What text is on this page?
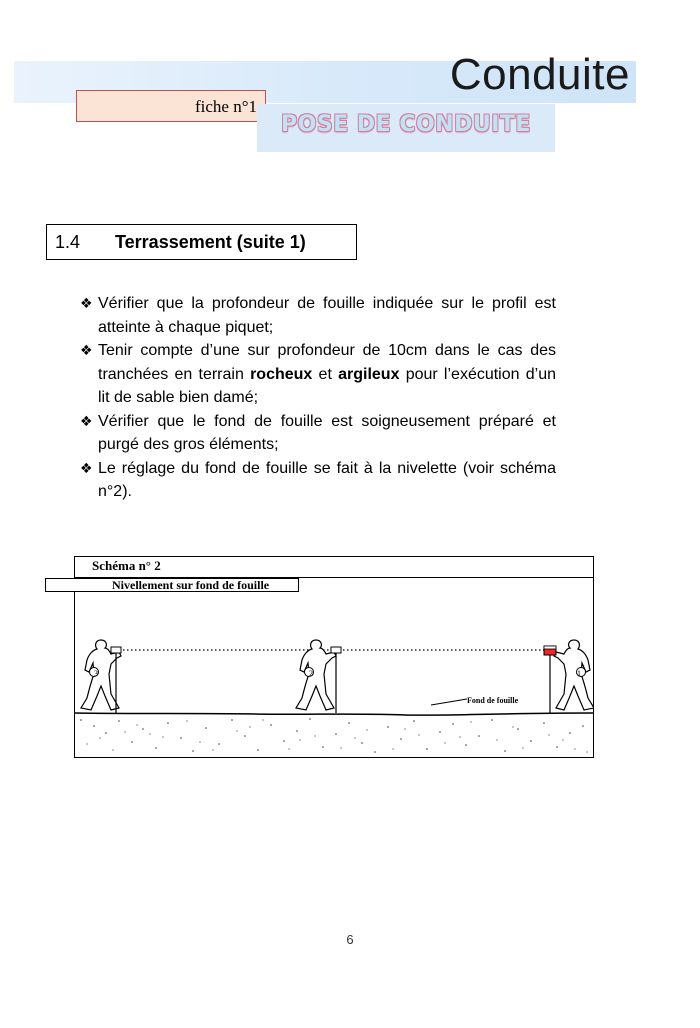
Conduite
fiche n°1
POSE DE CONDUITE
1.4 Terrassement (suite 1)
❖ Vérifier que la profondeur de fouille indiquée sur le profil est atteinte à chaque piquet;
❖ Tenir compte d’une sur profondeur de 10cm dans le cas des tranchées en terrain rocheux et argileux pour l’exécution d’un lit de sable bien damé;
❖ Vérifier que le fond de fouille est soigneusement préparé et purgé des gros éléments;
❖ Le réglage du fond de fouille se fait à la nivelette (voir schéma n°2).
Schéma n° 2
Nivellement sur fond de fouille
3	2	1
Fond de fouille
6
